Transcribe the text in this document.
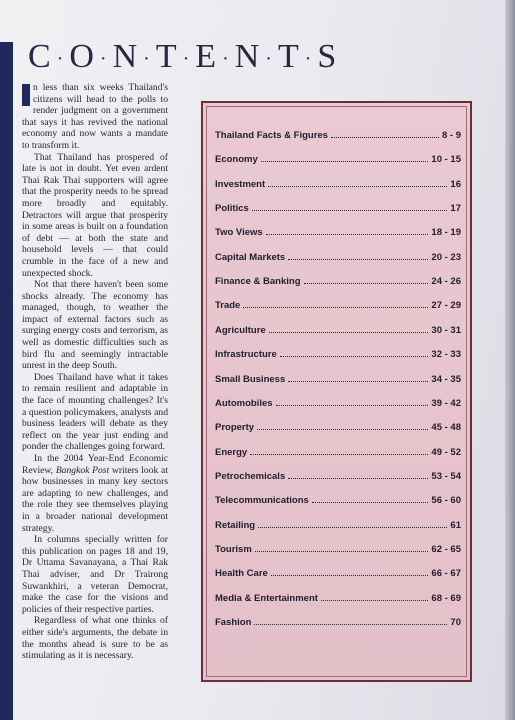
C · O · N · T · E · N · T · S

n less than six weeks Thailand's citizens will head to the polls to render judgment on a government that says it has revived the national economy and now wants a mandate to transform it.

That Thailand has prospered of late is not in doubt. Yet even ardent Thai Rak Thai supporters will agree that the prosperity needs to be spread more broadly and equitably. Detractors will argue that prosperity in some areas is built on a foundation of debt — at both the state and household levels — that could crumble in the face of a new and unexpected shock.

Not that there haven't been some shocks already. The economy has managed, though, to weather the impact of external factors such as surging energy costs and terrorism, as well as domestic difficulties such as bird flu and seemingly intractable unrest in the deep South.

Does Thailand have what it takes to remain resilient and adaptable in the face of mounting challenges? It's a question policymakers, analysts and business leaders will debate as they reflect on the year just ending and ponder the challenges going forward.

In the 2004 Year-End Economic Review, Bangkok Post writers look at how businesses in many key sectors are adapting to new challenges, and the role they see themselves playing in a broader national development strategy.

In columns specially written for this publication on pages 18 and 19, Dr Uttama Savanayana, a Thai Rak Thai adviser, and Dr Trairong Suwankhiri, a veteran Democrat, make the case for the visions and policies of their respective parties.

Regardless of what one thinks of either side's arguments, the debate in the months ahead is sure to be as stimulating as it is necessary.

Thailand Facts & Figures	8 - 9
Economy	10 - 15
Investment	16
Politics	17
Two Views	18 - 19
Capital Markets	20 - 23
Finance & Banking	24 - 26
Trade	27 - 29
Agriculture	30 - 31
Infrastructure	32 - 33
Small Business	34 - 35
Automobiles	39 - 42
Property	45 - 48
Energy	49 - 52
Petrochemicals	53 - 54
Telecommunications	56 - 60
Retailing	61
Tourism	62 - 65
Health Care	66 - 67
Media & Entertainment	68 - 69
Fashion	70
